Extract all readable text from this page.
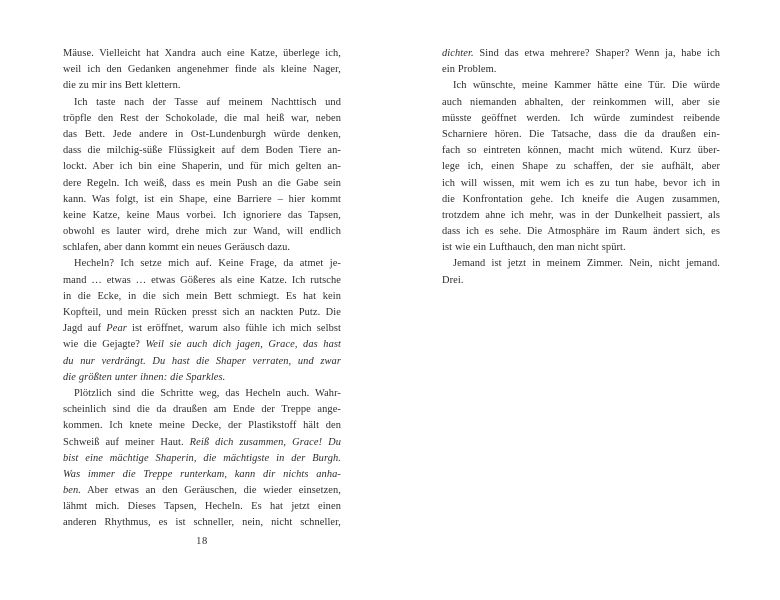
Mäuse. Vielleicht hat Xandra auch eine Katze, überlege ich,
weil ich den Gedanken angenehmer finde als kleine Nager,
die zu mir ins Bett klettern.
Ich taste nach der Tasse auf meinem Nachttisch und
tröpfle den Rest der Schokolade, die mal heiß war, neben
das Bett. Jede andere in Ost-Lundenburgh würde denken,
dass die milchig-süße Flüssigkeit auf dem Boden Tiere an-
lockt. Aber ich bin eine Shaperin, und für mich gelten an-
dere Regeln. Ich weiß, dass es mein Push an die Gabe sein
kann. Was folgt, ist ein Shape, eine Barriere – hier kommt
keine Katze, keine Maus vorbei. Ich ignoriere das Tapsen,
obwohl es lauter wird, drehe mich zur Wand, will endlich
schlafen, aber dann kommt ein neues Geräusch dazu.
Hecheln? Ich setze mich auf. Keine Frage, da atmet je-
mand … etwas … etwas Gößeres als eine Katze. Ich rutsche
in die Ecke, in die sich mein Bett schmiegt. Es hat kein
Kopfteil, und mein Rücken presst sich an nackten Putz. Die
Jagd auf Pear ist eröffnet, warum also fühle ich mich selbst
wie die Gejagte? Weil sie auch dich jagen, Grace, das hast
du nur verdrängt. Du hast die Shaper verraten, und zwar
die größten unter ihnen: die Sparkles.
Plötzlich sind die Schritte weg, das Hecheln auch. Wahr-
scheinlich sind die da draußen am Ende der Treppe ange-
kommen. Ich knete meine Decke, der Plastikstoff hält den
Schweiß auf meiner Haut. Reiß dich zusammen, Grace! Du
bist eine mächtige Shaperin, die mächtigste in der Burgh.
Was immer die Treppe runterkam, kann dir nichts anha-
ben. Aber etwas an den Geräuschen, die wieder einsetzen,
lähmt mich. Dieses Tapsen, Hecheln. Es hat jetzt einen
anderen Rhythmus, es ist schneller, nein, nicht schneller,
18
dichter. Sind das etwa mehrere? Shaper? Wenn ja, habe ich
ein Problem.
Ich wünschte, meine Kammer hätte eine Tür. Die würde
auch niemanden abhalten, der reinkommen will, aber sie
müsste geöffnet werden. Ich würde zumindest reibende
Scharniere hören. Die Tatsache, dass die da draußen ein-
fach so eintreten können, macht mich wütend. Kurz über-
lege ich, einen Shape zu schaffen, der sie aufhält, aber
ich will wissen, mit wem ich es zu tun habe, bevor ich in
die Konfrontation gehe. Ich kneife die Augen zusammen,
trotzdem ahne ich mehr, was in der Dunkelheit passiert, als
dass ich es sehe. Die Atmosphäre im Raum ändert sich, es
ist wie ein Lufthauch, den man nicht spürt.
Jemand ist jetzt in meinem Zimmer. Nein, nicht jemand.
Drei.
